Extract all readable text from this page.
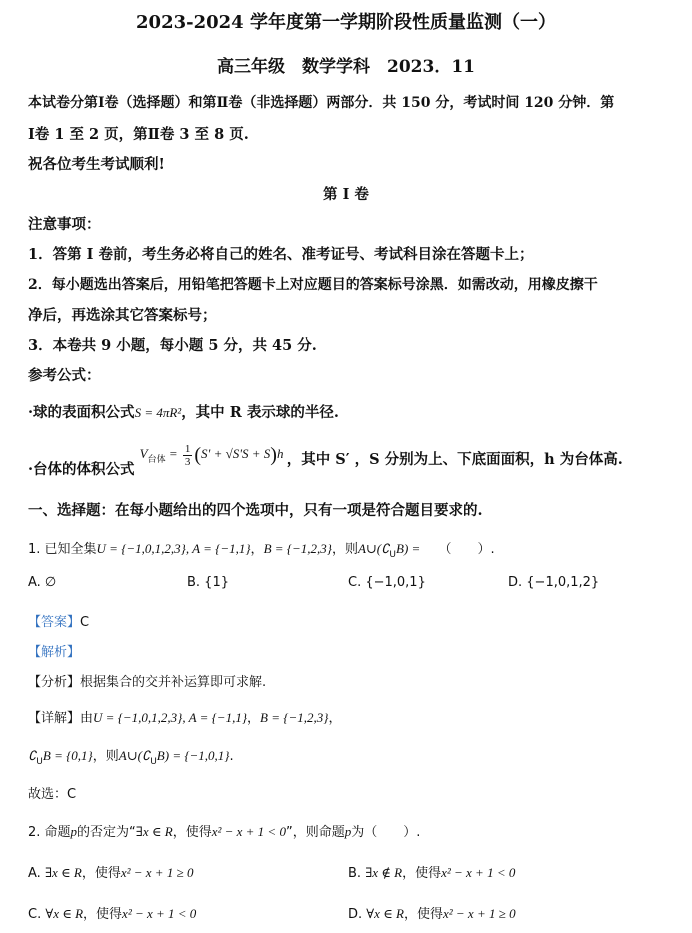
2023-2024 学年度第一学期阶段性质量监测（一）
高三年级　数学学科　2023．11
本试卷分第Ⅰ卷（选择题）和第Ⅱ卷（非选择题）两部分．共 150 分，考试时间 120 分钟．第
Ⅰ卷 1 至 2 页，第Ⅱ卷 3 至 8 页.
祝各位考生考试顺利!
第 I 卷
注意事项：
1．答第 I 卷前，考生务必将自己的姓名、准考证号、考试科目涂在答题卡上；
2．每小题选出答案后，用铅笔把答题卡上对应题目的答案标号涂黑．如需改动，用橡皮擦干
净后，再选涂其它答案标号；
3．本卷共 9 小题，每小题 5 分，共 45 分.
参考公式：
·球的表面积公式S = 4πR²，其中 R 表示球的半径.
·台体的体积公式 $V_{台体} = \frac{1}{3} (S' + √S'S + S)h$ ，其中 S′ ，S 分别为上、下底面面积，h 为台体高.
一、选择题：在每小题给出的四个选项中，只有一项是符合题目要求的.
1. 已知全集U = {−1,0,1,2,3}, A = {−1,1}，B = {−1,2,3}，则$A\cup(∁_UB)$ = （　　）.
A. ∅	B. {1}	C. {−1,0,1}	D. {−1,0,1,2}
【答案】C
【解析】
【分析】根据集合的交并补运算即可求解.
【详解】由U = {−1,0,1,2,3}, A = {−1,1}，B = {−1,2,3}，
$∁_UB = \{0,1\}$，则$A\cup(∁_UB) = \{-1,0,1\}$.
故选：C
2. 命题p的否定为“∃x ∈ R，使得x² − x + 1 < 0”，则命题p为（　　）.
A. ∃x ∈ R，使得x² − x + 1 ≥ 0	B. ∃x ∉ R，使得x² − x + 1 < 0
C. ∀x ∈ R，使得x² − x + 1 < 0	D. ∀x ∈ R，使得x² − x + 1 ≥ 0
